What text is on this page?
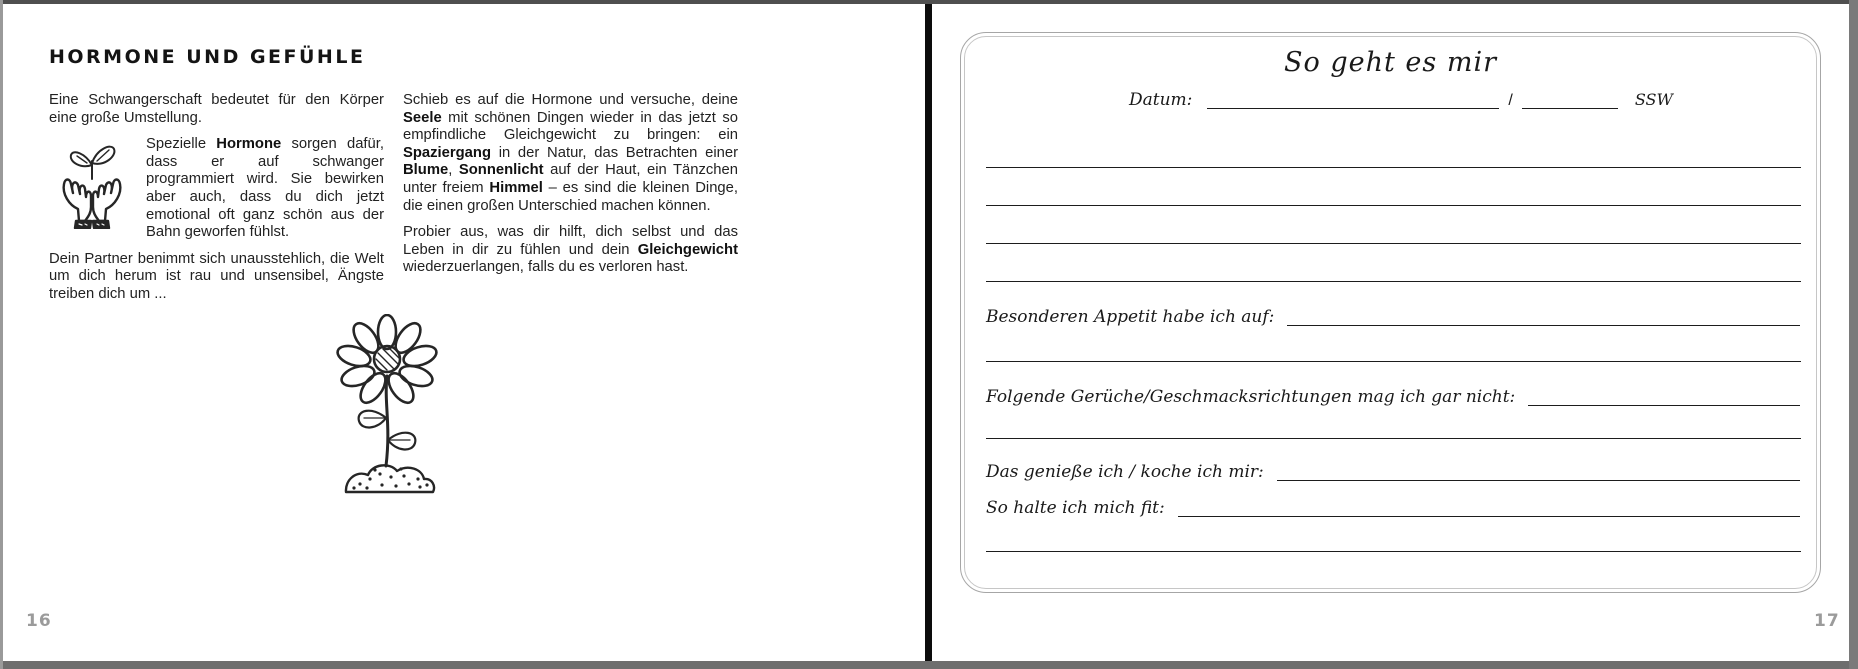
HORMONE UND GEFÜHLE

Eine Schwangerschaft bedeutet für den Körper eine große Umstellung.

Spezielle Hormone sorgen dafür, dass er auf schwanger programmiert wird. Sie bewirken aber auch, dass du dich jetzt emotional oft ganz schön aus der Bahn geworfen fühlst.

Dein Partner benimmt sich unausstehlich, die Welt um dich herum ist rau und unsensibel, Ängste treiben dich um ...

Schieb es auf die Hormone und versuche, deine Seele mit schönen Dingen wieder in das jetzt so empfindliche Gleichgewicht zu bringen: ein Spaziergang in der Natur, das Betrachten einer Blume, Sonnenlicht auf der Haut, ein Tänzchen unter freiem Himmel – es sind die kleinen Dinge, die einen großen Unterschied machen können.

Probier aus, was dir hilft, dich selbst und das Leben in dir zu fühlen und dein Gleichgewicht wiederzuerlangen, falls du es verloren hast.

16
So geht es mir
Datum:	/	SSW
Besonderen Appetit habe ich auf:
Folgende Gerüche/Geschmacksrichtungen mag ich gar nicht:
Das genieße ich / koche ich mir:
So halte ich mich fit:
17
